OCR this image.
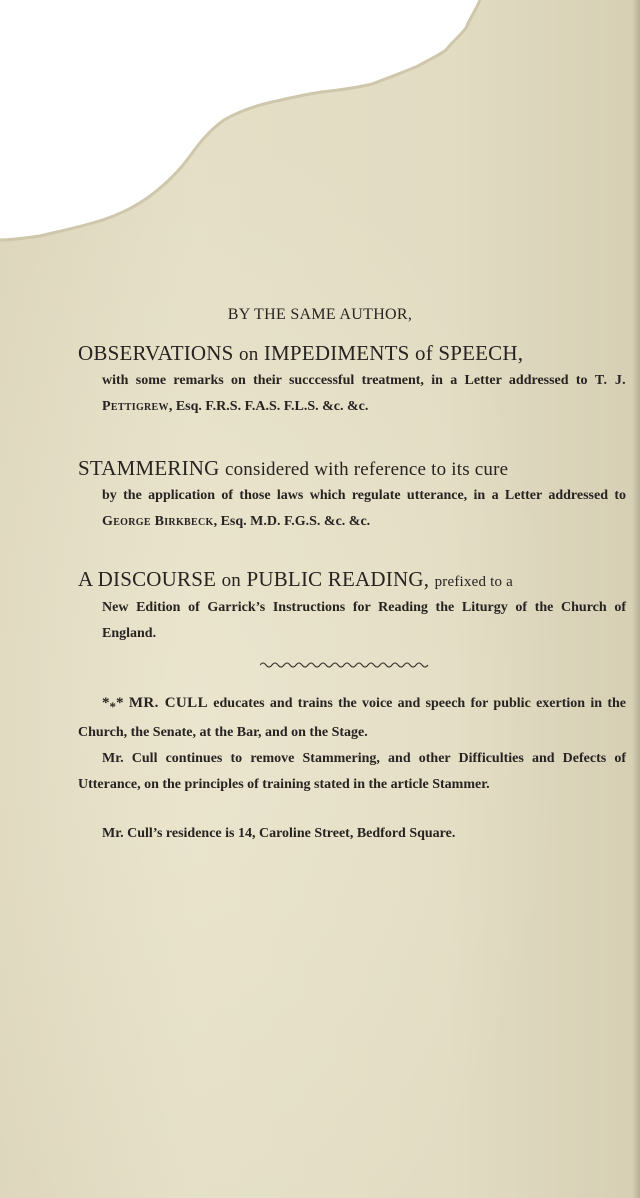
BY THE SAME AUTHOR,
OBSERVATIONS on IMPEDIMENTS of SPEECH,
with some remarks on their succcessful treatment, in a Letter addressed to T. J. Pettigrew, Esq. F.R.S. F.A.S. F.L.S. &c. &c.
STAMMERING considered with reference to its cure
by the application of those laws which regulate utterance, in a Letter addressed to George Birkbeck, Esq. M.D. F.G.S. &c. &c.
A DISCOURSE on PUBLIC READING, prefixed to a
New Edition of Garrick’s Instructions for Reading the Liturgy of the Church of England.
$*_**$ MR. CULL educates and trains the voice and speech for public exertion in the Church, the Senate, at the Bar, and on the Stage.
Mr. Cull continues to remove Stammering, and other Difficulties and Defects of Utterance, on the principles of training stated in the article Stammer.
Mr. Cull’s residence is 14, Caroline Street, Bedford Square.
